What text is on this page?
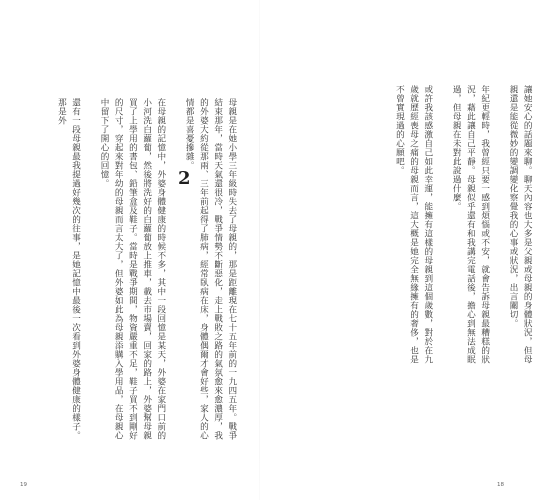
2	母親是在她小學三年級時失去了母親的，那是距離現在七十五年前的一九四五年。戰爭結束那年，當時天氣還很冷，戰爭情勢不斷惡化，走上戰敗之路的氣氛愈來愈濃厚，我的外婆大約從那兩、三年前起得了肺病，經常臥病在床，身體偶爾才會好些，家人的心情都是喜憂摻雜。

在母親的記憶中，外婆身體健康的時候不多，其中一段回憶是某天，外婆在家門口前的小河洗白蘿蔔，然後將洗好的白蘿蔔放上推車，載去市場賣，回家的路上，外婆幫母親買了上學用的書包、鉛筆盒及鞋子。當時是戰爭期間，物資嚴重不足，鞋子買不到剛好的尺寸，穿起來對年幼的母親而言太大了，但外婆如此為母親添購入學用品，在母親心中留下了開心的回憶。

還有一段母親最我提過好幾次的往事，是她記憶中最後一次看到外婆身體健康的樣子。那是外

19

讓她安心的話題來聊。聊天內容也大多是父親或母親的身體狀況，但母親還是能從微妙的變調變化察覺我的心事或狀況，出言關切。

年紀更輕時，我曾經只要一感到煩惱或不安，就會告訴母親最糟糕的狀況，藉此讓自己平靜。母親似乎還有和我講完電話後，擔心到無法成眠過，但母親在未對此說過什麼。

或許我該感激自己如此幸運，能擁有這樣的母親到這個歲數，對於在九歲就歷經喪母之痛的母親而言，這大概是她完全無緣擁有的奢侈，也是不曾實現過的心願吧。

18
